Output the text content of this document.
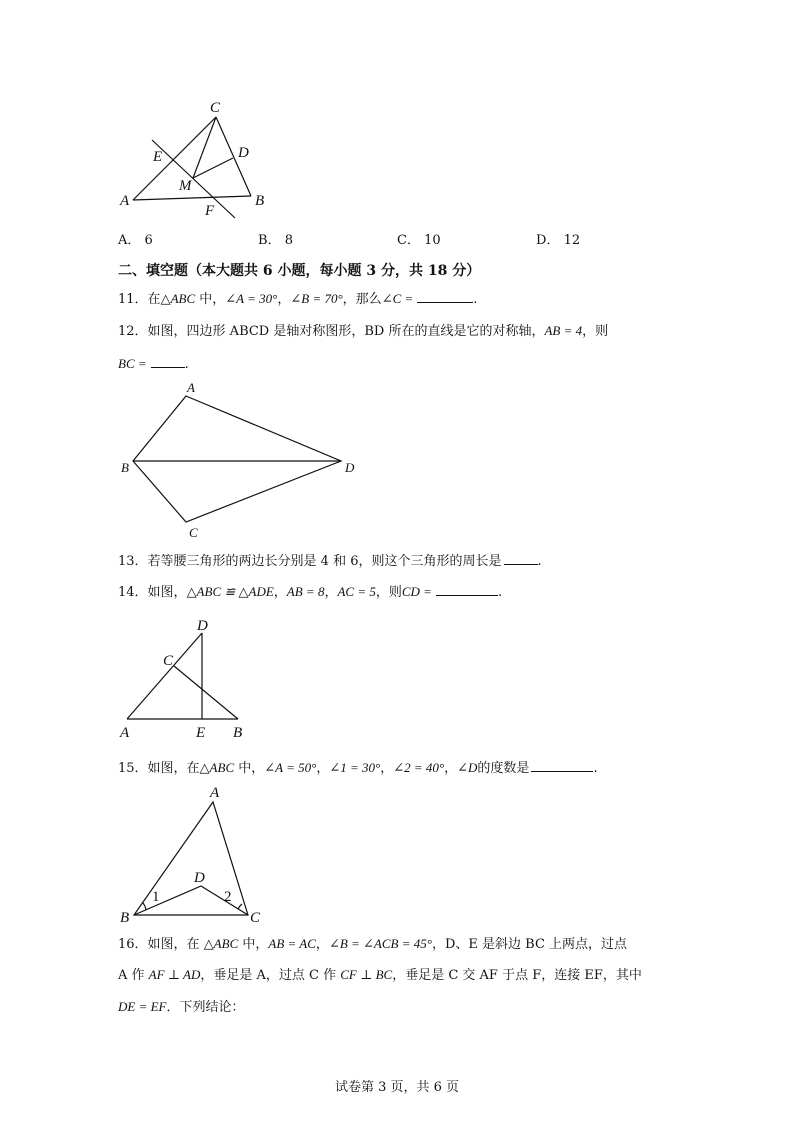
C
E	D
M
A	B
F
A． 6	B． 8	C． 10	D． 12
二、填空题（本大题共 6 小题，每小题 3 分，共 18 分）
11．在△ABC 中，∠A = 30°，∠B = 70°，那么∠C =	.
12．如图，四边形 ABCD 是轴对称图形，BD 所在的直线是它的对称轴，AB = 4，则
BC =	.
A
B	D
C
13．若等腰三角形的两边长分别是 4 和 6，则这个三角形的周长是	.
14．如图，△ABC ≌ △ADE，AB = 8，AC = 5，则CD =	.
D
C
A	E B
15．如图，在△ABC 中，∠A = 50°，∠1 = 30°，∠2 = 40°，∠D的度数是	.
A
D
1	2
B	C
16．如图，在 △ABC 中，AB = AC，∠B = ∠ACB = 45°，D、E 是斜边 BC 上两点，过点
A 作 AF ⊥ AD，垂足是 A，过点 C 作 CF ⊥ BC，垂足是 C 交 AF 于点 F，连接 EF，其中
DE = EF．下列结论：
试卷第 3 页，共 6 页
